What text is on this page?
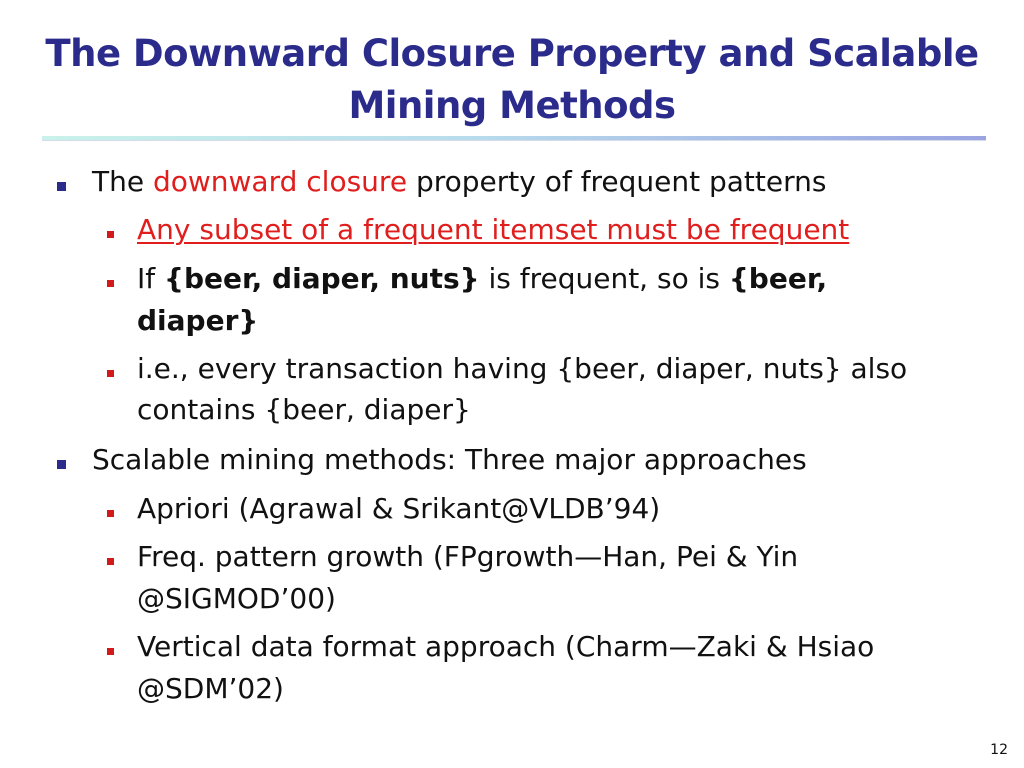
The Downward Closure Property and Scalable Mining Methods
The downward closure property of frequent patterns
Any subset of a frequent itemset must be frequent
If {beer, diaper, nuts} is frequent, so is {beer,
diaper}
i.e., every transaction having {beer, diaper, nuts} also
contains {beer, diaper}
Scalable mining methods: Three major approaches
Apriori (Agrawal & Srikant@VLDB’94)
Freq. pattern growth (FPgrowth—Han, Pei & Yin
@SIGMOD’00)
Vertical data format approach (Charm—Zaki & Hsiao
@SDM’02)
12
